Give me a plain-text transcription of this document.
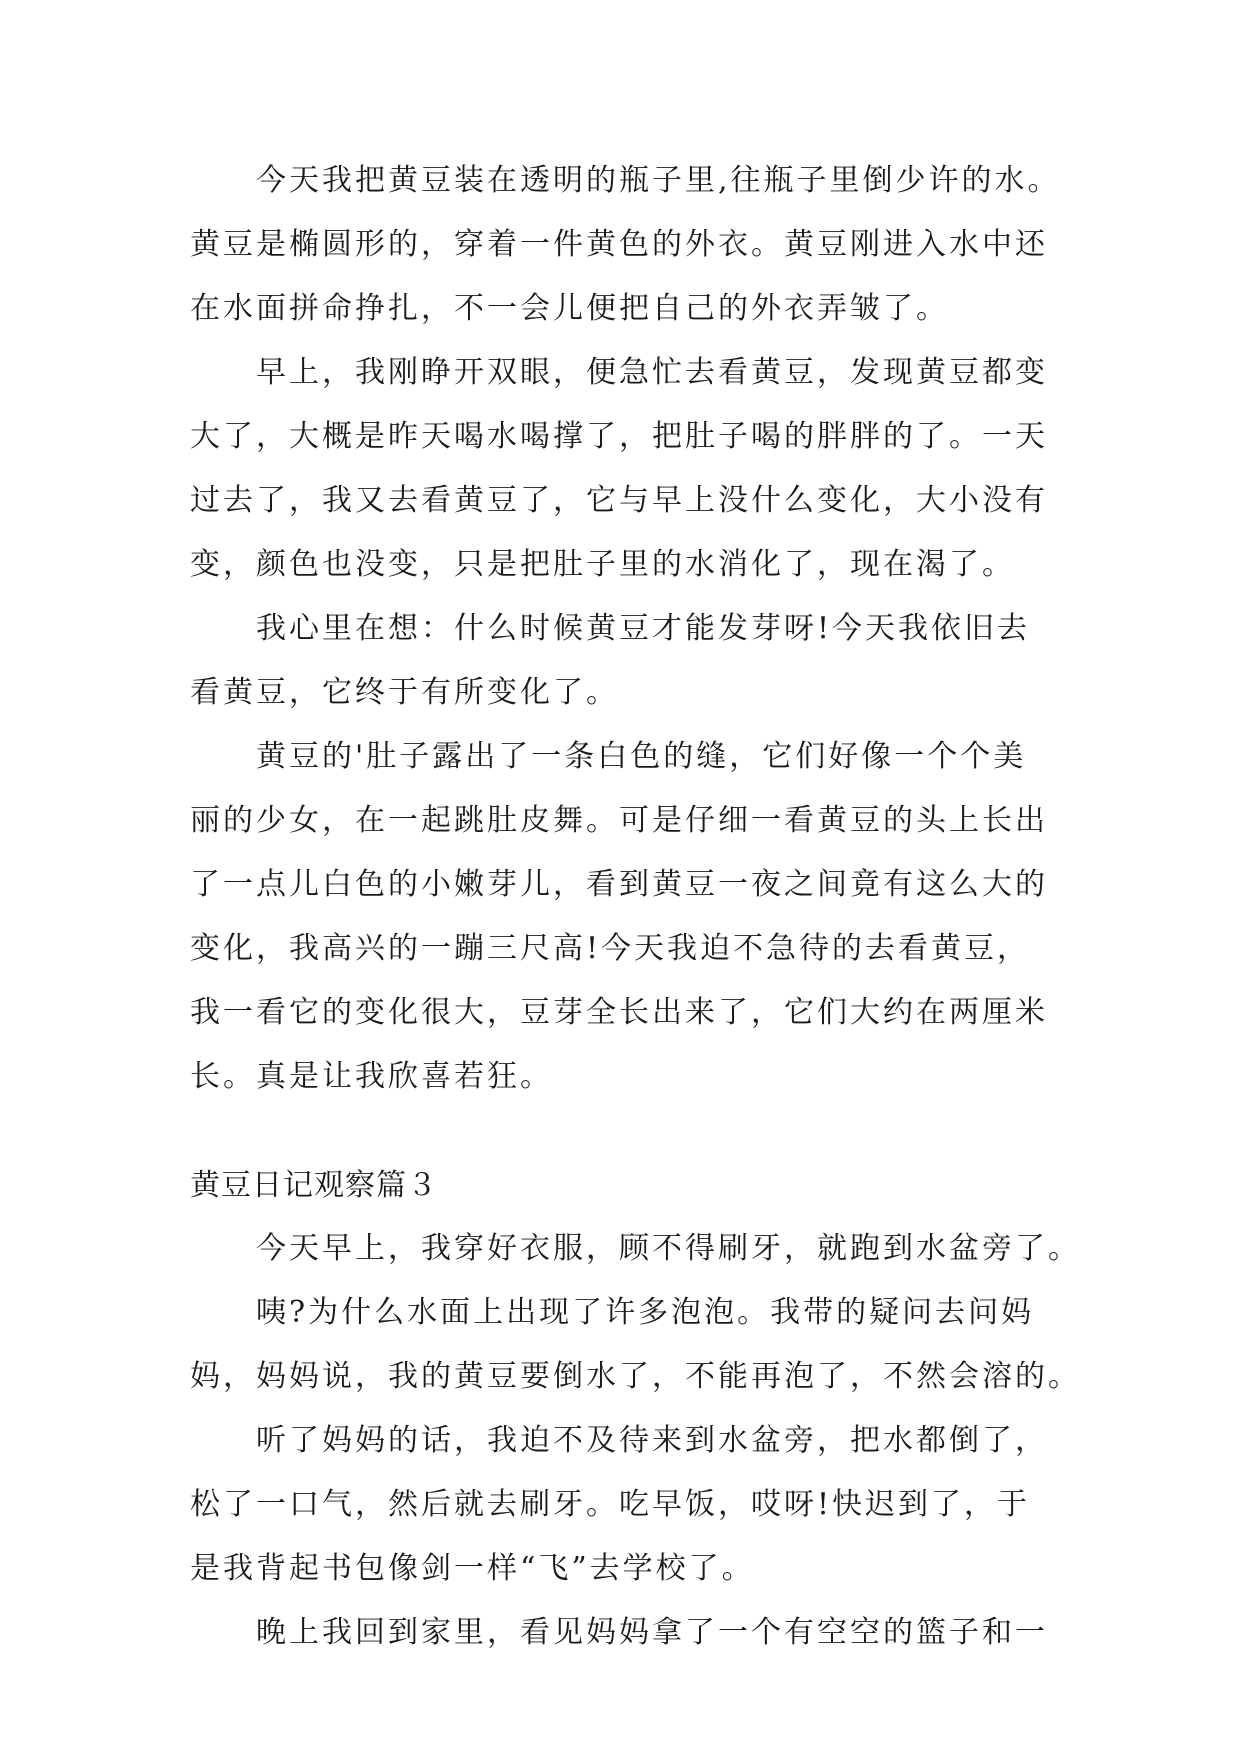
今天我把黄豆装在透明的瓶子里,往瓶子里倒少许的水。
黄豆是椭圆形的，穿着一件黄色的外衣。黄豆刚进入水中还
在水面拼命挣扎，不一会儿便把自己的外衣弄皱了。
早上，我刚睁开双眼，便急忙去看黄豆，发现黄豆都变
大了，大概是昨天喝水喝撑了，把肚子喝的胖胖的了。一天
过去了，我又去看黄豆了，它与早上没什么变化，大小没有
变，颜色也没变，只是把肚子里的水消化了，现在渴了。
我心里在想：什么时候黄豆才能发芽呀!今天我依旧去
看黄豆，它终于有所变化了。
黄豆的'肚子露出了一条白色的缝，它们好像一个个美
丽的少女，在一起跳肚皮舞。可是仔细一看黄豆的头上长出
了一点儿白色的小嫩芽儿，看到黄豆一夜之间竟有这么大的
变化，我高兴的一蹦三尺高!今天我迫不急待的去看黄豆，
我一看它的变化很大，豆芽全长出来了，它们大约在两厘米
长。真是让我欣喜若狂。
黄豆日记观察篇３
今天早上，我穿好衣服，顾不得刷牙，就跑到水盆旁了。
咦?为什么水面上出现了许多泡泡。我带的疑问去问妈
妈，妈妈说，我的黄豆要倒水了，不能再泡了，不然会溶的。
听了妈妈的话，我迫不及待来到水盆旁，把水都倒了，
松了一口气，然后就去刷牙。吃早饭，哎呀!快迟到了，于
是我背起书包像剑一样“飞”去学校了。
晚上我回到家里，看见妈妈拿了一个有空空的篮子和一
